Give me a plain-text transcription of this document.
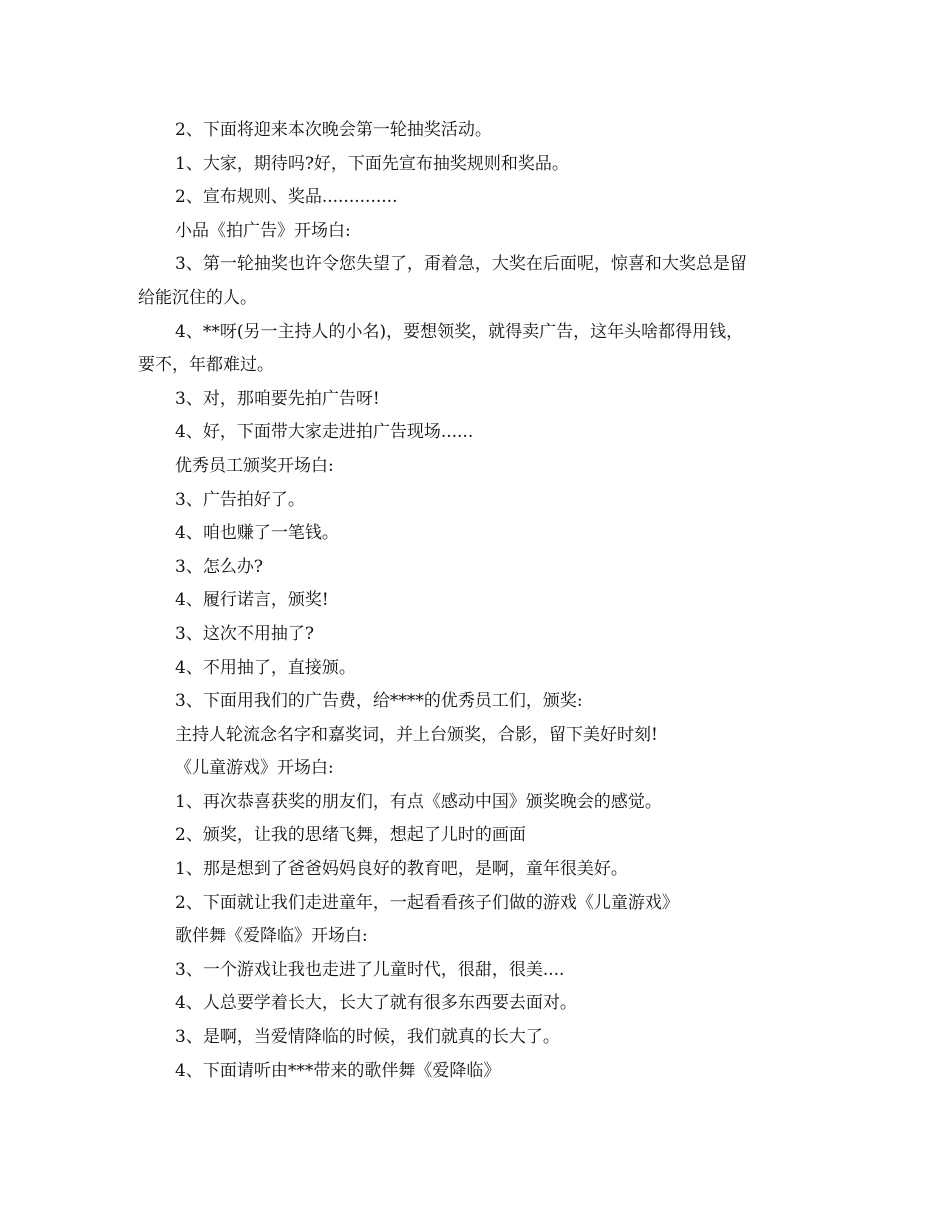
2、下面将迎来本次晚会第一轮抽奖活动。
1、大家，期待吗?好，下面先宣布抽奖规则和奖品。
2、宣布规则、奖品..............
小品《拍广告》开场白:
3、第一轮抽奖也许令您失望了，甭着急，大奖在后面呢，惊喜和大奖总是留
给能沉住的人。
4、**呀(另一主持人的小名)，要想领奖，就得卖广告，这年头啥都得用钱，
要不，年都难过。
3、对，那咱要先拍广告呀!
4、好，下面带大家走进拍广告现场......
优秀员工颁奖开场白:
3、广告拍好了。
4、咱也赚了一笔钱。
3、怎么办?
4、履行诺言，颁奖!
3、这次不用抽了?
4、不用抽了，直接颁。
3、下面用我们的广告费，给****的优秀员工们，颁奖:
主持人轮流念名字和嘉奖词，并上台颁奖，合影，留下美好时刻!
《儿童游戏》开场白:
1、再次恭喜获奖的朋友们，有点《感动中国》颁奖晚会的感觉。
2、颁奖，让我的思绪飞舞，想起了儿时的画面
1、那是想到了爸爸妈妈良好的教育吧，是啊，童年很美好。
2、下面就让我们走进童年，一起看看孩子们做的游戏《儿童游戏》
歌伴舞《爱降临》开场白:
3、一个游戏让我也走进了儿童时代，很甜，很美....
4、人总要学着长大，长大了就有很多东西要去面对。
3、是啊，当爱情降临的时候，我们就真的长大了。
4、下面请听由***带来的歌伴舞《爱降临》
